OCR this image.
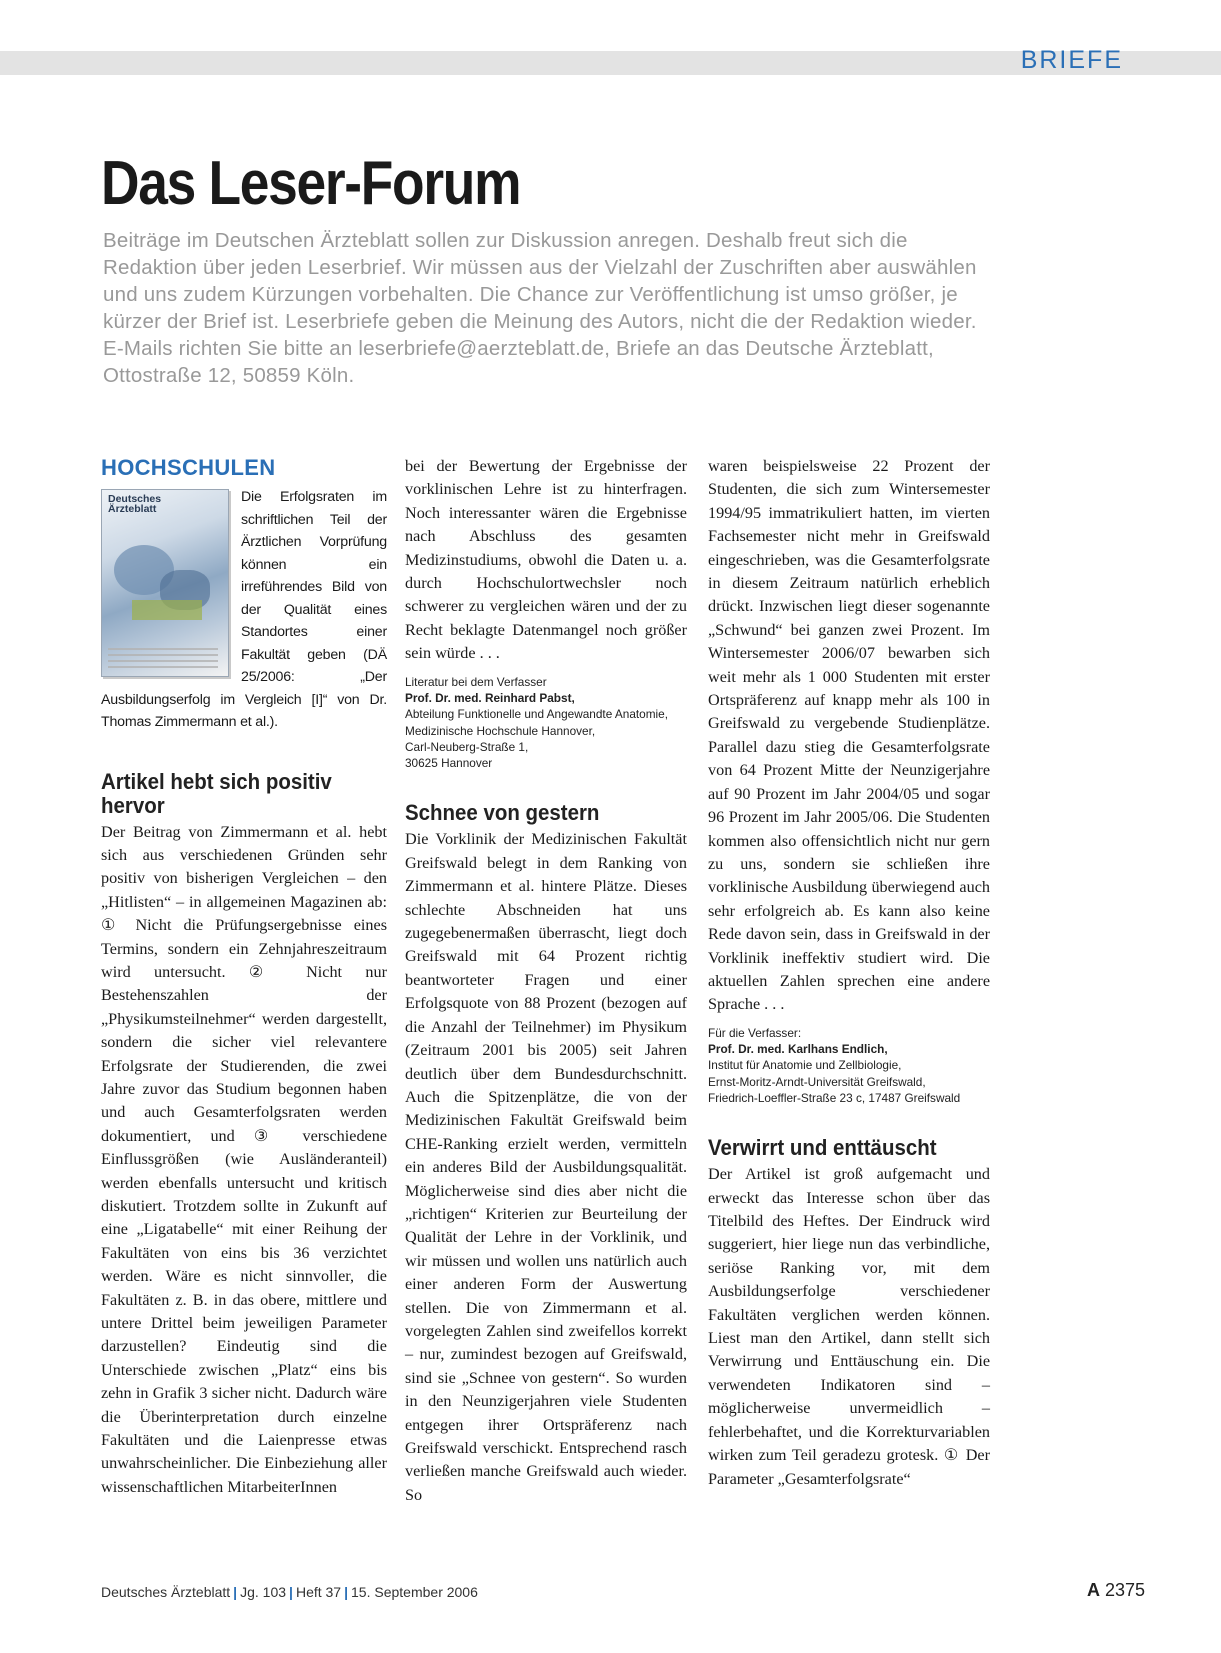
BRIEFE
Das Leser-Forum
Beiträge im Deutschen Ärzteblatt sollen zur Diskussion anregen. Deshalb freut sich die Redaktion über jeden Leserbrief. Wir müssen aus der Vielzahl der Zuschriften aber auswählen und uns zudem Kürzungen vorbehalten. Die Chance zur Veröffentlichung ist umso größer, je kürzer der Brief ist. Leserbriefe geben die Meinung des Autors, nicht die der Redaktion wieder. E-Mails richten Sie bitte an leserbriefe@aerzteblatt.de, Briefe an das Deutsche Ärzteblatt, Ottostraße 12, 50859 Köln.
HOCHSCHULEN
Deutsches Ärzteblatt

Die Erfolgsraten im schriftlichen Teil der Ärztlichen Vorprüfung können ein irreführendes Bild von der Qualität eines Standortes einer Fakultät geben (DÄ 25/2006: „Der Ausbildungserfolg im Vergleich [I]“ von Dr. Thomas Zimmermann et al.).

Artikel hebt sich positiv hervor

Der Beitrag von Zimmermann et al. hebt sich aus verschiedenen Gründen sehr positiv von bisherigen Vergleichen – den „Hitlisten“ – in allgemeinen Magazinen ab: ① Nicht die Prüfungsergebnisse eines Termins, sondern ein Zehnjahreszeitraum wird untersucht. ② Nicht nur Bestehenszahlen der „Physikumsteilnehmer“ werden dargestellt, sondern die sicher viel relevantere Erfolgsrate der Studierenden, die zwei Jahre zuvor das Studium begonnen haben und auch Gesamterfolgsraten werden dokumentiert, und ③ verschiedene Einflussgrößen (wie Ausländeranteil) werden ebenfalls untersucht und kritisch diskutiert. Trotzdem sollte in Zukunft auf eine „Ligatabelle“ mit einer Reihung der Fakultäten von eins bis 36 verzichtet werden. Wäre es nicht sinnvoller, die Fakultäten z. B. in das obere, mittlere und untere Drittel beim jeweiligen Parameter darzustellen? Eindeutig sind die Unterschiede zwischen „Platz“ eins bis zehn in Grafik 3 sicher nicht. Dadurch wäre die Überinterpretation durch einzelne Fakultäten und die Laienpresse etwas unwahrscheinlicher. Die Einbeziehung aller wissenschaftlichen MitarbeiterInnen

bei der Bewertung der Ergebnisse der vorklinischen Lehre ist zu hinterfragen. Noch interessanter wären die Ergebnisse nach Abschluss des gesamten Medizinstudiums, obwohl die Daten u. a. durch Hochschulortwechsler noch schwerer zu vergleichen wären und der zu Recht beklagte Datenmangel noch größer sein würde . . .

Literatur bei dem Verfasser
Prof. Dr. med. Reinhard Pabst,
Abteilung Funktionelle und Angewandte Anatomie,
Medizinische Hochschule Hannover,
Carl-Neuberg-Straße 1,
30625 Hannover
Schnee von gestern

Die Vorklinik der Medizinischen Fakultät Greifswald belegt in dem Ranking von Zimmermann et al. hintere Plätze. Dieses schlechte Abschneiden hat uns zugegebenermaßen überrascht, liegt doch Greifswald mit 64 Prozent richtig beantworteter Fragen und einer Erfolgsquote von 88 Prozent (bezogen auf die Anzahl der Teilnehmer) im Physikum (Zeitraum 2001 bis 2005) seit Jahren deutlich über dem Bundesdurchschnitt. Auch die Spitzenplätze, die von der Medizinischen Fakultät Greifswald beim CHE-Ranking erzielt werden, vermitteln ein anderes Bild der Ausbildungsqualität. Möglicherweise sind dies aber nicht die „richtigen“ Kriterien zur Beurteilung der Qualität der Lehre in der Vorklinik, und wir müssen und wollen uns natürlich auch einer anderen Form der Auswertung stellen. Die von Zimmermann et al. vorgelegten Zahlen sind zweifellos korrekt – nur, zumindest bezogen auf Greifswald, sind sie „Schnee von gestern“. So wurden in den Neunzigerjahren viele Studenten entgegen ihrer Ortspräferenz nach Greifswald verschickt. Entsprechend rasch verließen manche Greifswald auch wieder. So

waren beispielsweise 22 Prozent der Studenten, die sich zum Wintersemester 1994/95 immatrikuliert hatten, im vierten Fachsemester nicht mehr in Greifswald eingeschrieben, was die Gesamterfolgsrate in diesem Zeitraum natürlich erheblich drückt. Inzwischen liegt dieser sogenannte „Schwund“ bei ganzen zwei Prozent. Im Wintersemester 2006/07 bewarben sich weit mehr als 1 000 Studenten mit erster Ortspräferenz auf knapp mehr als 100 in Greifswald zu vergebende Studienplätze. Parallel dazu stieg die Gesamterfolgsrate von 64 Prozent Mitte der Neunzigerjahre auf 90 Prozent im Jahr 2004/05 und sogar 96 Prozent im Jahr 2005/06. Die Studenten kommen also offensichtlich nicht nur gern zu uns, sondern sie schließen ihre vorklinische Ausbildung überwiegend auch sehr erfolgreich ab. Es kann also keine Rede davon sein, dass in Greifswald in der Vorklinik ineffektiv studiert wird. Die aktuellen Zahlen sprechen eine andere Sprache . . .

Für die Verfasser:
Prof. Dr. med. Karlhans Endlich,
Institut für Anatomie und Zellbiologie,
Ernst-Moritz-Arndt-Universität Greifswald,
Friedrich-Loeffler-Straße 23 c, 17487 Greifswald
Verwirrt und enttäuscht

Der Artikel ist groß aufgemacht und erweckt das Interesse schon über das Titelbild des Heftes. Der Eindruck wird suggeriert, hier liege nun das verbindliche, seriöse Ranking vor, mit dem Ausbildungserfolge verschiedener Fakultäten verglichen werden können. Liest man den Artikel, dann stellt sich Verwirrung und Enttäuschung ein. Die verwendeten Indikatoren sind – möglicherweise unvermeidlich – fehlerbehaftet, und die Korrekturvariablen wirken zum Teil geradezu grotesk. ① Der Parameter „Gesamterfolgsrate“

Deutsches Ärzteblatt | Jg. 103 | Heft 37 | 15. September 2006	A 2375
